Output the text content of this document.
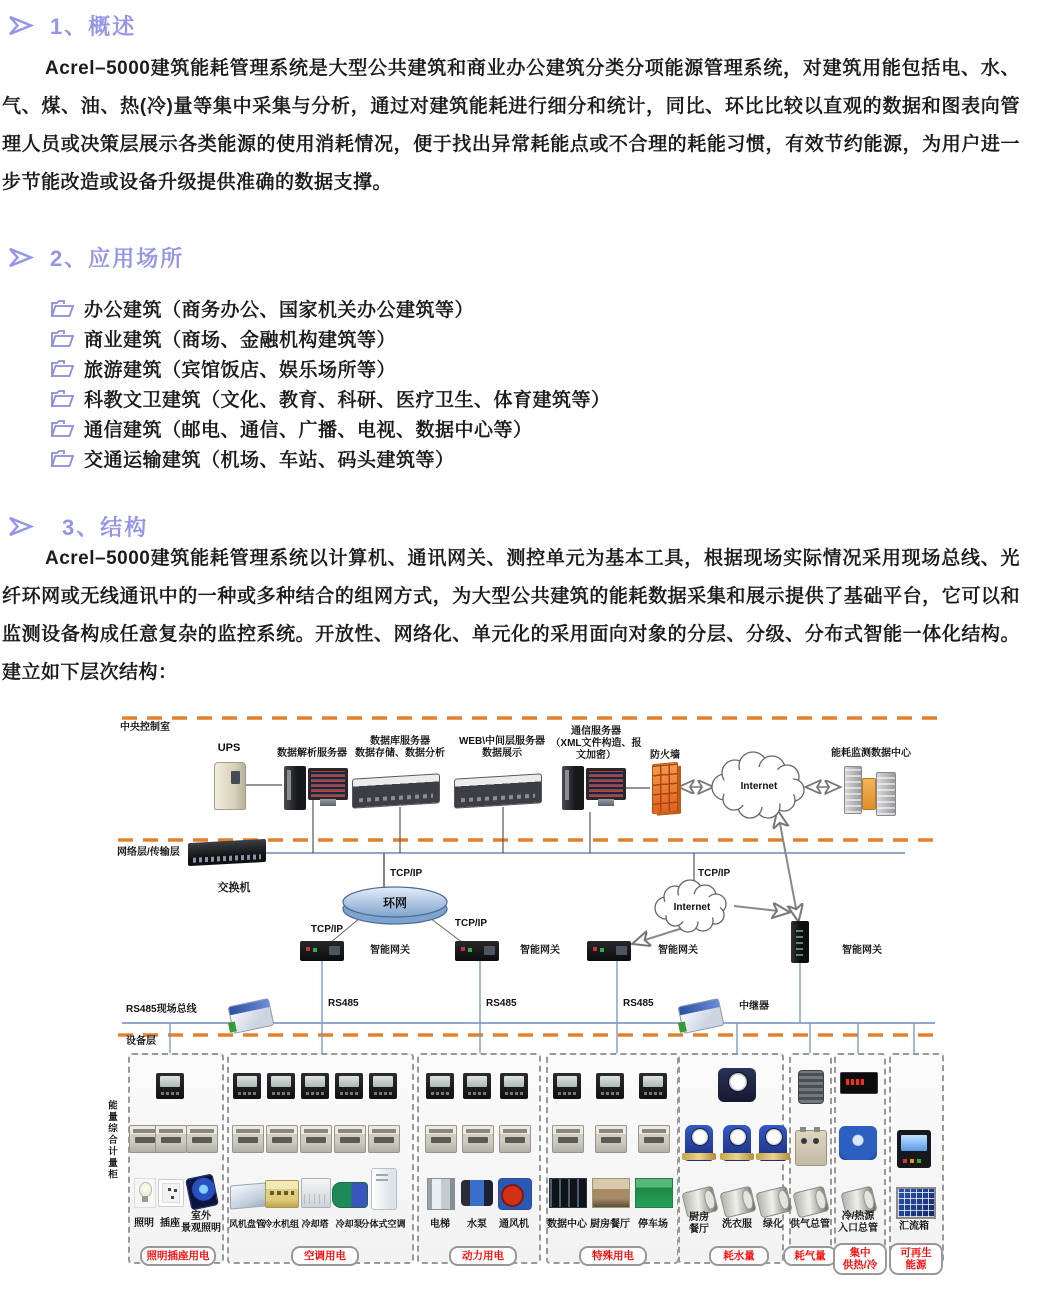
1、概述
Acrel–5000建筑能耗管理系统是大型公共建筑和商业办公建筑分类分项能源管理系统，对建筑用能包括电、水、气、煤、油、热(冷)量等集中采集与分析，通过对建筑能耗进行细分和统计，同比、环比比较以直观的数据和图表向管理人员或决策层展示各类能源的使用消耗情况，便于找出异常耗能点或不合理的耗能习惯，有效节约能源，为用户进一步节能改造或设备升级提供准确的数据支撑。
2、应用场所
办公建筑（商务办公、国家机关办公建筑等）
商业建筑（商场、金融机构建筑等）
旅游建筑（宾馆饭店、娱乐场所等）
科教文卫建筑（文化、教育、科研、医疗卫生、体育建筑等）
通信建筑（邮电、通信、广播、电视、数据中心等）
交通运输建筑（机场、车站、码头建筑等）
3、结构
Acrel–5000建筑能耗管理系统以计算机、通讯网关、测控单元为基本工具，根据现场实际情况采用现场总线、光纤环网或无线通讯中的一种或多种结合的组网方式，为大型公共建筑的能耗数据采集和展示提供了基础平台，它可以和监测设备构成任意复杂的监控系统。开放性、网络化、单元化的采用面向对象的分层、分级、分布式智能一体化结构。建立如下层次结构：
中央控制室
网络层/传输层
RS485现场总线
设备层
UPS	数据解析服务器
数据库服务器
数据存储、数据分析
WEB\中间层服务器
数据展示
通信服务器
（XML文件构造、报
文加密）	防火墙
Internet
能耗监测数据中心
交换机
TCP/IP
环网
TCP/IP
TCP/IP
TCP/IP
Internet
智能网关	智能网关	智能网关	智能网关
RS485	RS485	RS485	中继器
能量综合计量柜
照明 插座
室外
景观照明
照明插座用电
风机盘管
冷水机组 冷却塔 冷却泵
分体式空调
空调用电
电梯	水泵	通风机
动力用电
数据中心 厨房餐厅 停车场
特殊用电
厨房
餐厅	洗衣服	绿化
耗水量
供气总管
耗气量
冷/热源
入口总管
集中
供热/冷
汇流箱
可再生
能源
